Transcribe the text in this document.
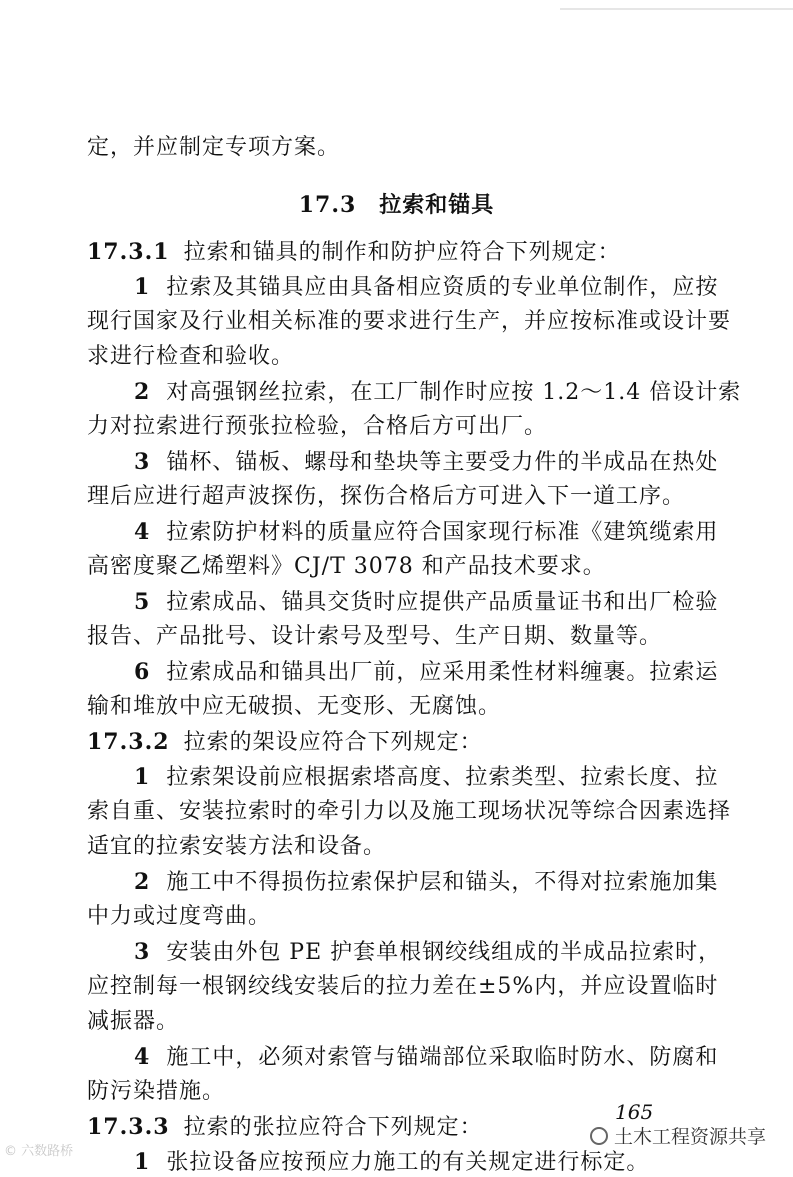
定，并应制定专项方案。
17.3　拉索和锚具
17.3.1 拉索和锚具的制作和防护应符合下列规定：
1 拉索及其锚具应由具备相应资质的专业单位制作，应按
现行国家及行业相关标准的要求进行生产，并应按标准或设计要
求进行检查和验收。
2 对高强钢丝拉索，在工厂制作时应按 1.2～1.4 倍设计索
力对拉索进行预张拉检验，合格后方可出厂。
3 锚杯、锚板、螺母和垫块等主要受力件的半成品在热处
理后应进行超声波探伤，探伤合格后方可进入下一道工序。
4 拉索防护材料的质量应符合国家现行标准《建筑缆索用
高密度聚乙烯塑料》CJ/T 3078 和产品技术要求。
5 拉索成品、锚具交货时应提供产品质量证书和出厂检验
报告、产品批号、设计索号及型号、生产日期、数量等。
6 拉索成品和锚具出厂前，应采用柔性材料缠裹。拉索运
输和堆放中应无破损、无变形、无腐蚀。
17.3.2 拉索的架设应符合下列规定：
1 拉索架设前应根据索塔高度、拉索类型、拉索长度、拉
索自重、安装拉索时的牵引力以及施工现场状况等综合因素选择
适宜的拉索安装方法和设备。
2 施工中不得损伤拉索保护层和锚头，不得对拉索施加集
中力或过度弯曲。
3 安装由外包 PE 护套单根钢绞线组成的半成品拉索时，
应控制每一根钢绞线安装后的拉力差在±5%内，并应设置临时
减振器。
4 施工中，必须对索管与锚端部位采取临时防水、防腐和
防污染措施。
17.3.3 拉索的张拉应符合下列规定：
1 张拉设备应按预应力施工的有关规定进行标定。
165
© 六数路桥
土木工程资源共享
